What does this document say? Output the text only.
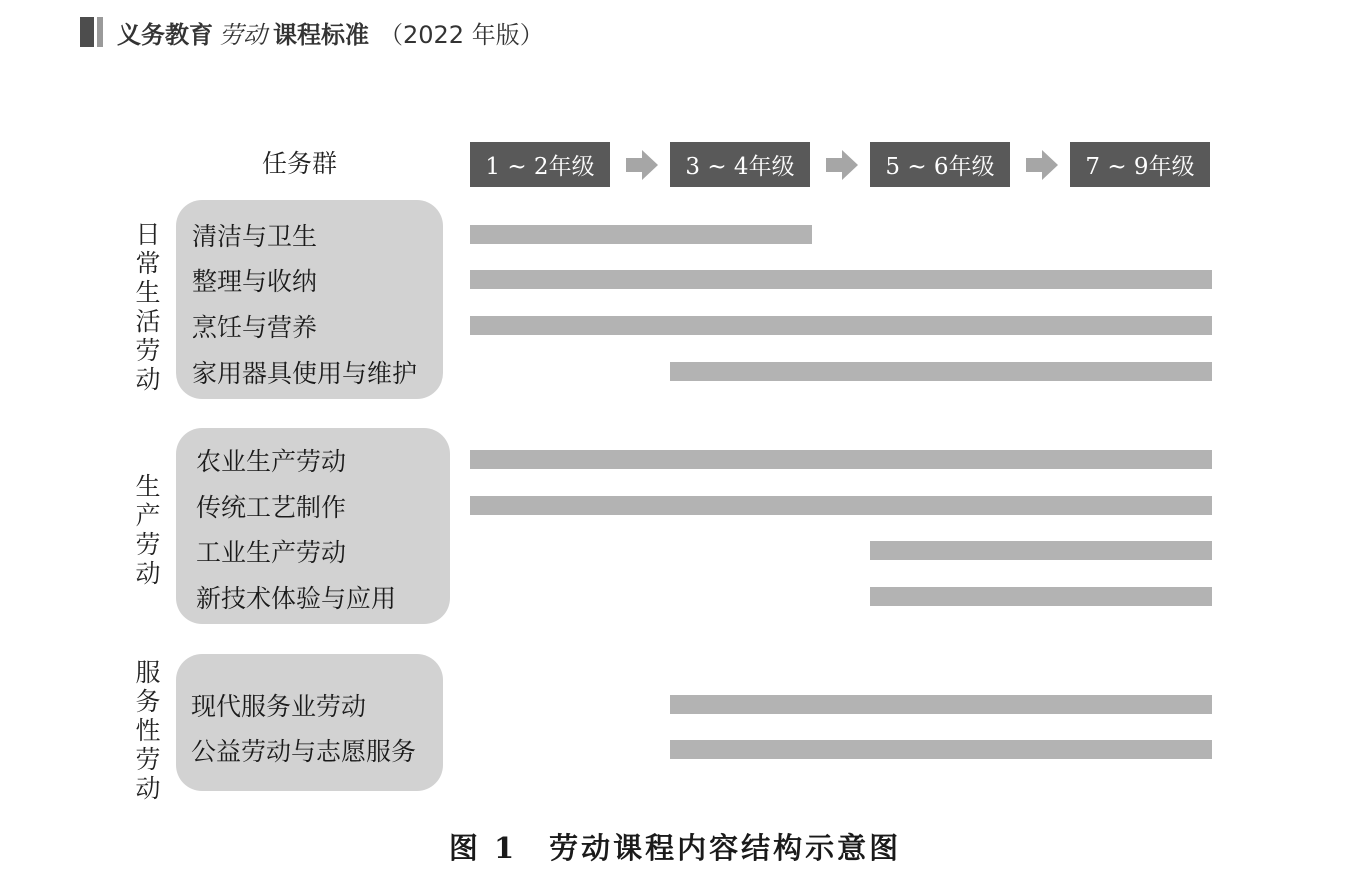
义务教育 劳动 课程标准 （2022 年版）
任务群	1 ~ 2年级	3 ~ 4年级	5 ~ 6年级	7 ~ 9年级
日常生活劳动
清洁与卫生
整理与收纳
烹饪与营养
家用器具使用与维护
生产劳动
农业生产劳动
传统工艺制作
工业生产劳动
新技术体验与应用
服务性劳动
现代服务业劳动
公益劳动与志愿服务
图 1　劳动课程内容结构示意图
